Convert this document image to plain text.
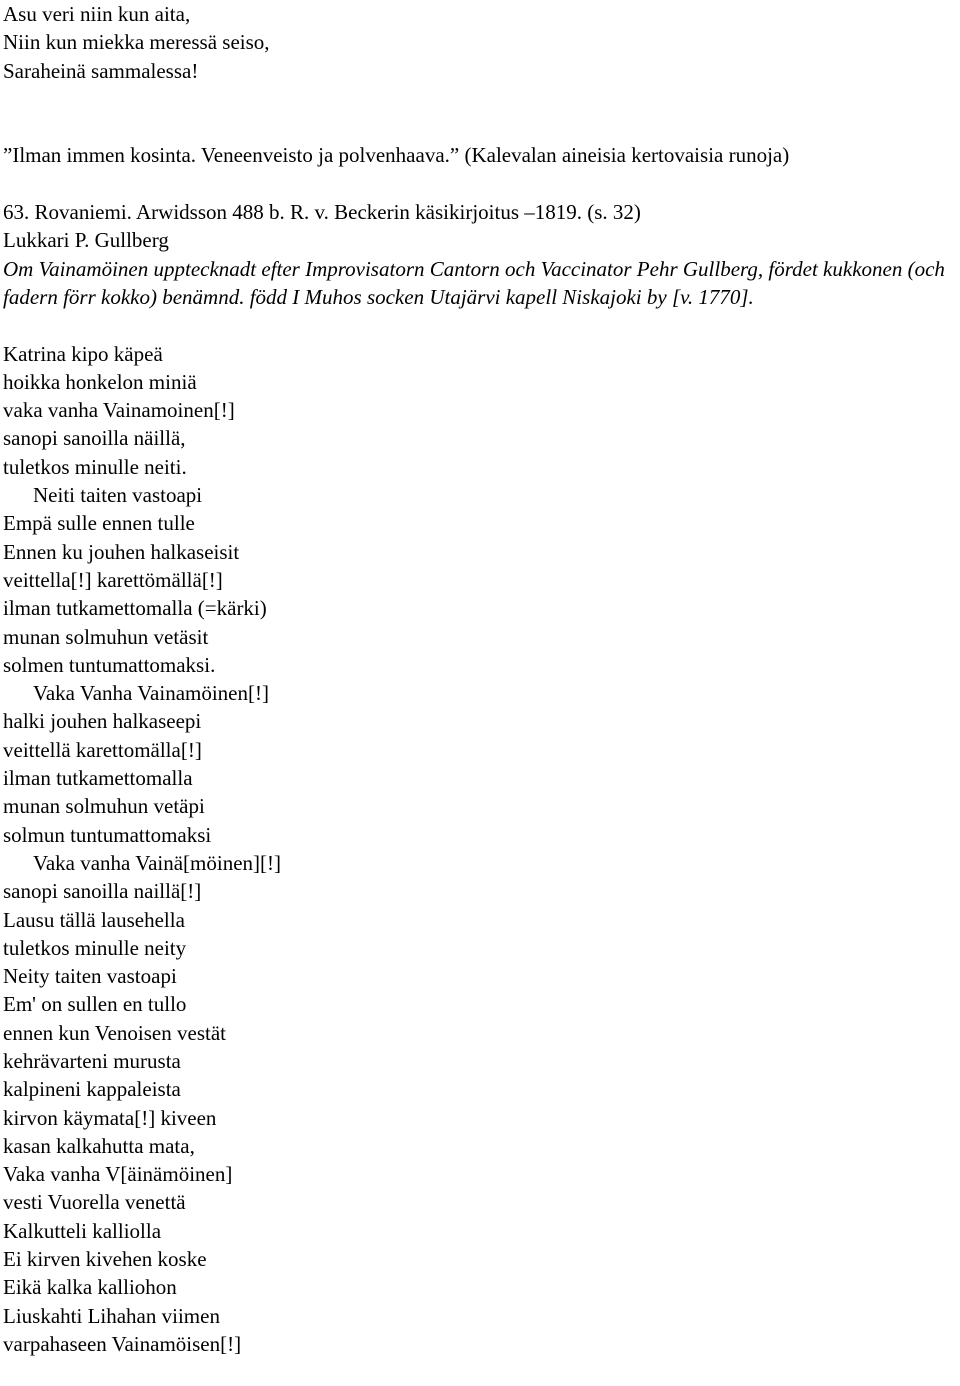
Asu veri niin kun aita,
Niin kun miekka meressä seiso,
Saraheinä sammalessa!
”Ilman immen kosinta. Veneenveisto ja polvenhaava.” (Kalevalan aineisia kertovaisia runoja)
63. Rovaniemi. Arwidsson 488 b. R. v. Beckerin käsikirjoitus –1819. (s. 32)
Lukkari P. Gullberg
Om Vainamöinen upptecknadt efter Improvisatorn Cantorn och Vaccinator Pehr Gullberg, fördet kukkonen (och fadern förr kokko) benämnd. född I Muhos socken Utajärvi kapell Niskajoki by [v. 1770].
Katrina kipo käpeä
hoikka honkelon miniä
vaka vanha Vainamoinen[!]
sanopi sanoilla näillä,
tuletkos minulle neiti.
Neiti taiten vastoapi
Empä sulle ennen tulle
Ennen ku jouhen halkaseisit
veittella[!] karettömällä[!]
ilman tutkamettomalla (=kärki)
munan solmuhun vetäsit
solmen tuntumattomaksi.
Vaka Vanha Vainamöinen[!]
halki jouhen halkaseepi
veittellä karettomälla[!]
ilman tutkamettomalla
munan solmuhun vetäpi
solmun tuntumattomaksi
Vaka vanha Vainä[möinen][!]
sanopi sanoilla naillä[!]
Lausu tällä lausehella
tuletkos minulle neity
Neity taiten vastoapi
Em' on sullen en tullo
ennen kun Venoisen vestät
kehrävarteni murusta
kalpineni kappaleista
kirvon käymata[!] kiveen
kasan kalkahutta mata,
Vaka vanha V[äinämöinen]
vesti Vuorella venettä
Kalkutteli kalliolla
Ei kirven kivehen koske
Eikä kalka kalliohon
Liuskahti Lihahan viimen
varpahaseen Vainamöisen[!]
